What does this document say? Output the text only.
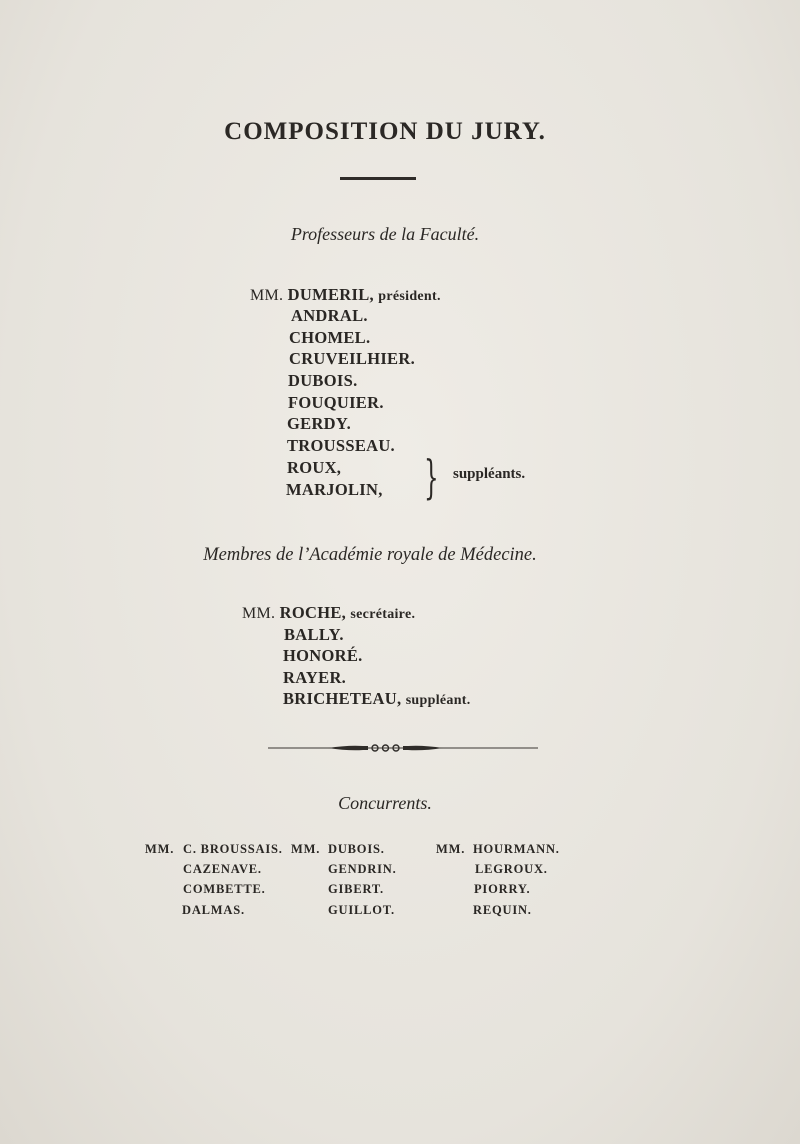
COMPOSITION DU JURY.
Professeurs de la Faculté.
MM. DUMERIL, président.
ANDRAL.
CHOMEL.
CRUVEILHIER.
DUBOIS.
FOUQUIER.
GERDY.
TROUSSEAU.
ROUX,
MARJOLIN, } suppléants.
Membres de l’Académie royale de Médecine.
MM. ROCHE, secrétaire.
BALLY.
HONORÉ.
RAYER.
BRICHETEAU, suppléant.
Concurrents.
MM. C. BROUSSAIS.
CAZENAVE.
COMBETTE.
DALMAS.
MM. DUBOIS.
GENDRIN.
GIBERT.
GUILLOT.
MM. HOURMANN.
LEGROUX.
PIORRY.
REQUIN.
